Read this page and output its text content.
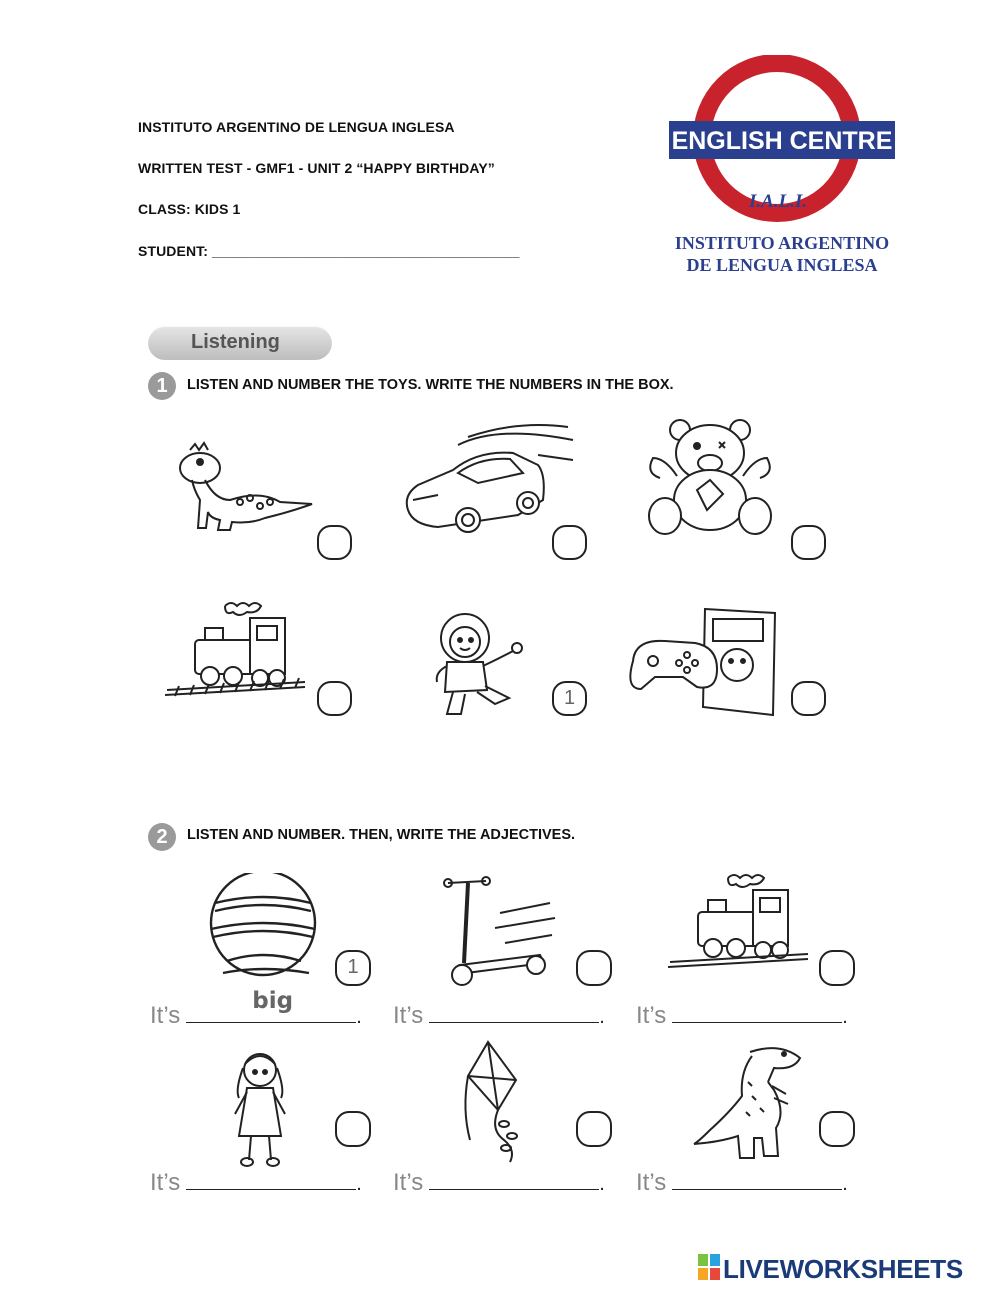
INSTITUTO ARGENTINO DE LENGUA INGLESA
WRITTEN TEST - GMF1 - UNIT 2 “HAPPY BIRTHDAY”
CLASS: KIDS 1
STUDENT: _______________________________________
ENGLISH CENTRE
I.A.L.I.
INSTITUTO ARGENTINO
DE LENGUA INGLESA
Listening
1	LISTEN AND NUMBER THE TOYS. WRITE THE NUMBERS IN THE BOX.
1
2	LISTEN AND NUMBER. THEN, WRITE THE ADJECTIVES.
1
It’s
big
. It’s	. It’s	.
It’s	. It’s	. It’s	.
LIVEWORKSHEETS
